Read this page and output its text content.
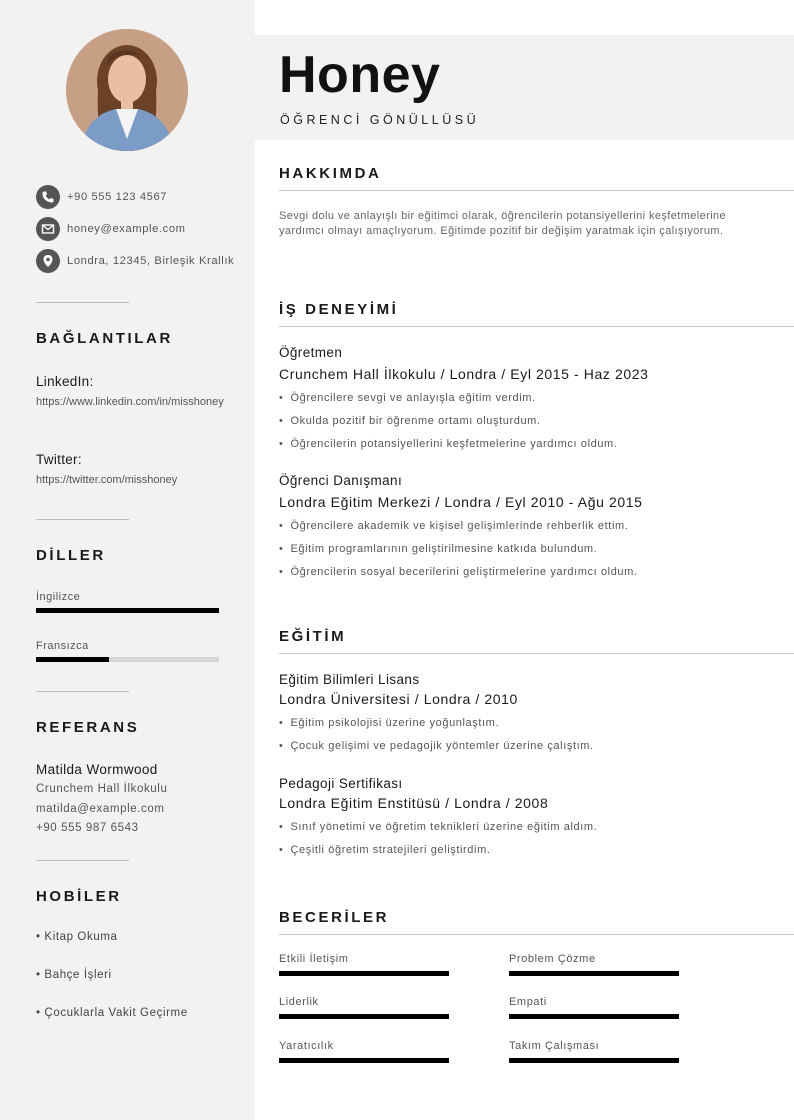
+90 555 123 4567
honey@example.com
Londra, 12345, Birleşik Krallık
BAĞLANTILAR
LinkedIn:
https://www.linkedin.com/in/misshoney
Twitter:
https://twitter.com/misshoney
DİLLER
İngilizce
Fransızca
REFERANS
Matilda Wormwood
Crunchem Hall İlkokulu
matilda@example.com
+90 555 987 6543
HOBİLER
• Kitap Okuma
• Bahçe İşleri
• Çocuklarla Vakit Geçirme
Honey
ÖĞRENCİ GÖNÜLLÜSÜ
HAKKIMDA
Sevgi dolu ve anlayışlı bir eğitimci olarak, öğrencilerin potansiyellerini keşfetmelerine yardımcı olmayı amaçlıyorum. Eğitimde pozitif bir değişim yaratmak için çalışıyorum.
İŞ DENEYİMİ
Öğretmen
Crunchem Hall İlkokulu / Londra / Eyl 2015 - Haz 2023
• Öğrencilere sevgi ve anlayışla eğitim verdim.
• Okulda pozitif bir öğrenme ortamı oluşturdum.
• Öğrencilerin potansiyellerini keşfetmelerine yardımcı oldum.
Öğrenci Danışmanı
Londra Eğitim Merkezi / Londra / Eyl 2010 - Ağu 2015
• Öğrencilere akademik ve kişisel gelişimlerinde rehberlik ettim.
• Eğitim programlarının geliştirilmesine katkıda bulundum.
• Öğrencilerin sosyal becerilerini geliştirmelerine yardımcı oldum.
EĞİTİM
Eğitim Bilimleri Lisans
Londra Üniversitesi / Londra / 2010
• Eğitim psikolojisi üzerine yoğunlaştım.
• Çocuk gelişimi ve pedagojik yöntemler üzerine çalıştım.
Pedagoji Sertifikası
Londra Eğitim Enstitüsü / Londra / 2008
• Sınıf yönetimi ve öğretim teknikleri üzerine eğitim aldım.
• Çeşitli öğretim stratejileri geliştirdim.
BECERİLER
Etkili İletişim	Problem Çözme
Liderlik	Empati
Yaratıcılık	Takım Çalışması
